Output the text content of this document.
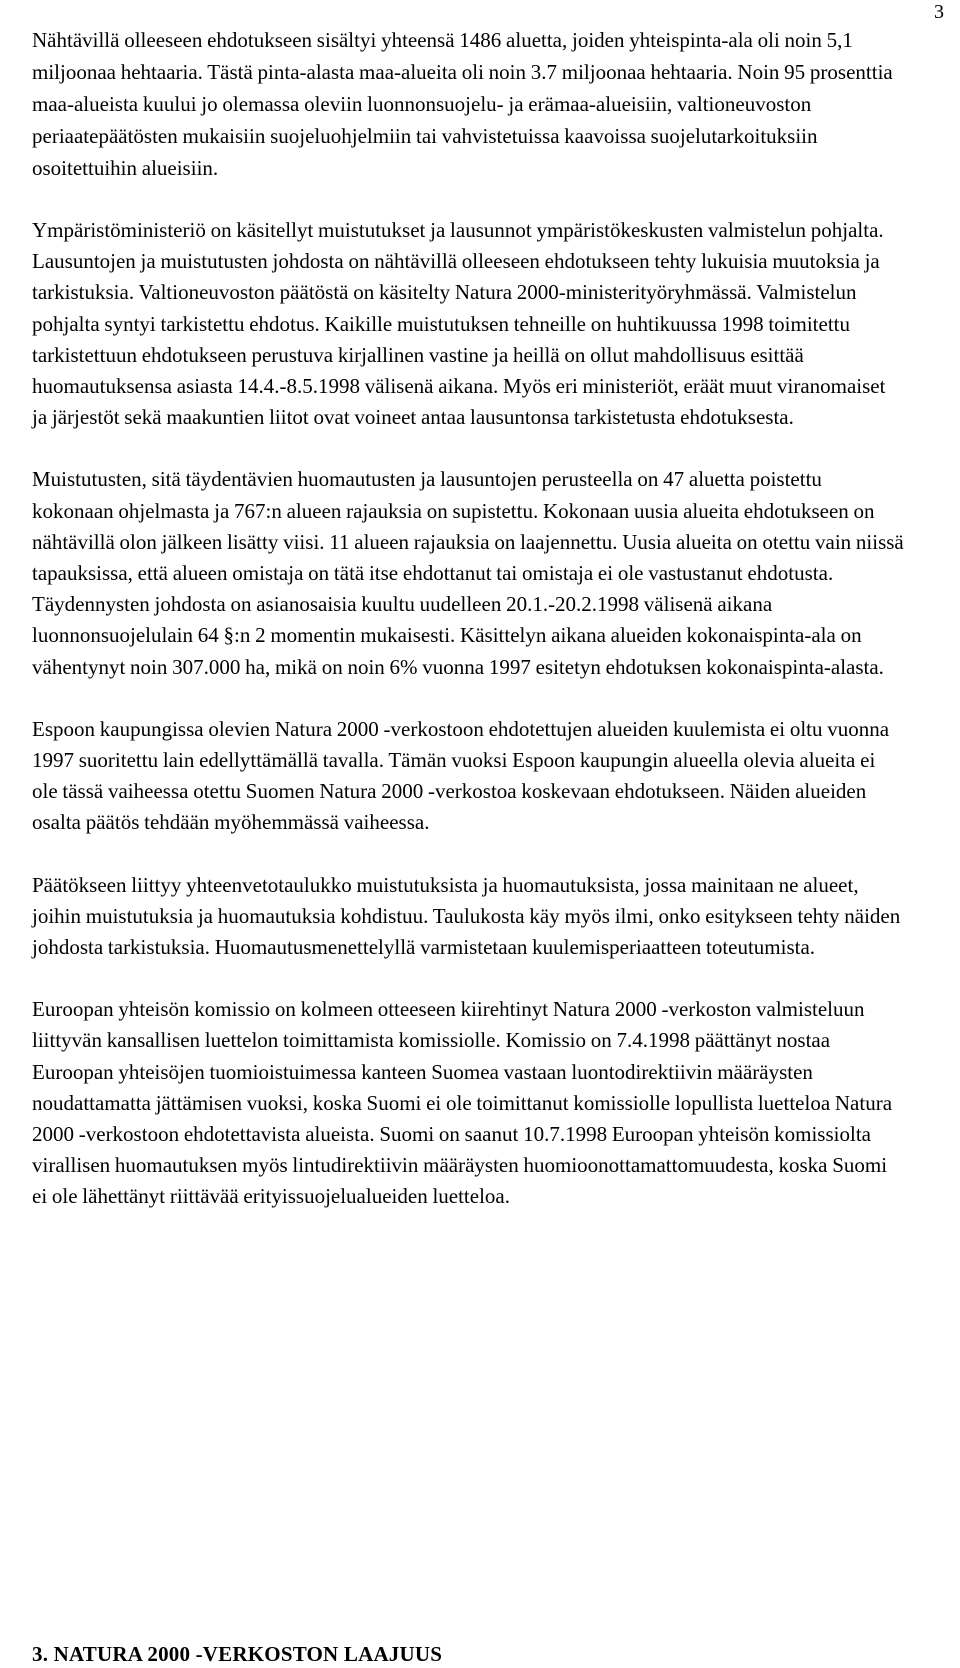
3

Nähtävillä olleeseen ehdotukseen sisältyi yhteensä 1486 aluetta, joiden yhteispinta-ala oli noin 5,1 miljoonaa hehtaaria. Tästä pinta-alasta maa-alueita oli noin 3.7 miljoonaa hehtaaria. Noin 95 prosenttia maa-alueista kuului jo olemassa oleviin luonnonsuojelu- ja erämaa-alueisiin, valtioneuvoston periaatepäätösten mukaisiin suojeluohjelmiin tai vahvistetuissa kaavoissa suojelutarkoituksiin osoitettuihin alueisiin.

Ympäristöministeriö on käsitellyt muistutukset ja lausunnot ympäristökeskusten valmistelun pohjalta. Lausuntojen ja muistutusten johdosta on nähtävillä olleeseen ehdotukseen tehty lukuisia muutoksia ja tarkistuksia. Valtioneuvoston päätöstä on käsitelty Natura 2000-ministerityöryhmässä. Valmistelun pohjalta syntyi tarkistettu ehdotus. Kaikille muistutuksen tehneille on huhtikuussa 1998 toimitettu tarkistettuun ehdotukseen perustuva kirjallinen vastine ja heillä on ollut mahdollisuus esittää huomautuksensa asiasta 14.4.-8.5.1998 välisenä aikana. Myös eri ministeriöt, eräät muut viranomaiset ja järjestöt sekä maakuntien liitot ovat voineet antaa lausuntonsa tarkistetusta ehdotuksesta.

Muistutusten, sitä täydentävien huomautusten ja lausuntojen perusteella on 47 aluetta poistettu kokonaan ohjelmasta ja 767:n alueen rajauksia on supistettu. Kokonaan uusia alueita ehdotukseen on nähtävillä olon jälkeen lisätty viisi. 11 alueen rajauksia on laajennettu. Uusia alueita on otettu vain niissä tapauksissa, että alueen omistaja on tätä itse ehdottanut tai omistaja ei ole vastustanut ehdotusta. Täydennysten johdosta on asianosaisia kuultu uudelleen 20.1.-20.2.1998 välisenä aikana luonnonsuojelulain 64 §:n 2 momentin mukaisesti. Käsittelyn aikana alueiden kokonaispinta-ala on vähentynyt noin 307.000 ha, mikä on noin 6% vuonna 1997 esitetyn ehdotuksen kokonaispinta-alasta.

Espoon kaupungissa olevien Natura 2000 -verkostoon ehdotettujen alueiden kuulemista ei oltu vuonna 1997 suoritettu lain edellyttämällä tavalla. Tämän vuoksi Espoon kaupungin alueella olevia alueita ei ole tässä vaiheessa otettu Suomen Natura 2000 -verkostoa koskevaan ehdotukseen. Näiden alueiden osalta päätös tehdään myöhemmässä vaiheessa.

Päätökseen liittyy yhteenvetotaulukko muistutuksista ja huomautuksista, jossa mainitaan ne alueet, joihin muistutuksia ja huomautuksia kohdistuu. Taulukosta käy myös ilmi, onko esitykseen tehty näiden johdosta tarkistuksia. Huomautusmenettelyllä varmistetaan kuulemisperiaatteen toteutumista.

Euroopan yhteisön komissio on kolmeen otteeseen kiirehtinyt Natura 2000 -verkoston valmisteluun liittyvän kansallisen luettelon toimittamista komissiolle. Komissio on 7.4.1998 päättänyt nostaa Euroopan yhteisöjen tuomioistuimessa kanteen Suomea vastaan luontodirektiivin määräysten noudattamatta jättämisen vuoksi, koska Suomi ei ole toimittanut komissiolle lopullista luetteloa Natura 2000 -verkostoon ehdotettavista alueista. Suomi on saanut 10.7.1998 Euroopan yhteisön komissiolta virallisen huomautuksen myös lintudirektiivin määräysten huomioonottamattomuudesta, koska Suomi ei ole lähettänyt riittävää erityissuojelualueiden luetteloa.

3. NATURA 2000 -VERKOSTON LAAJUUS
